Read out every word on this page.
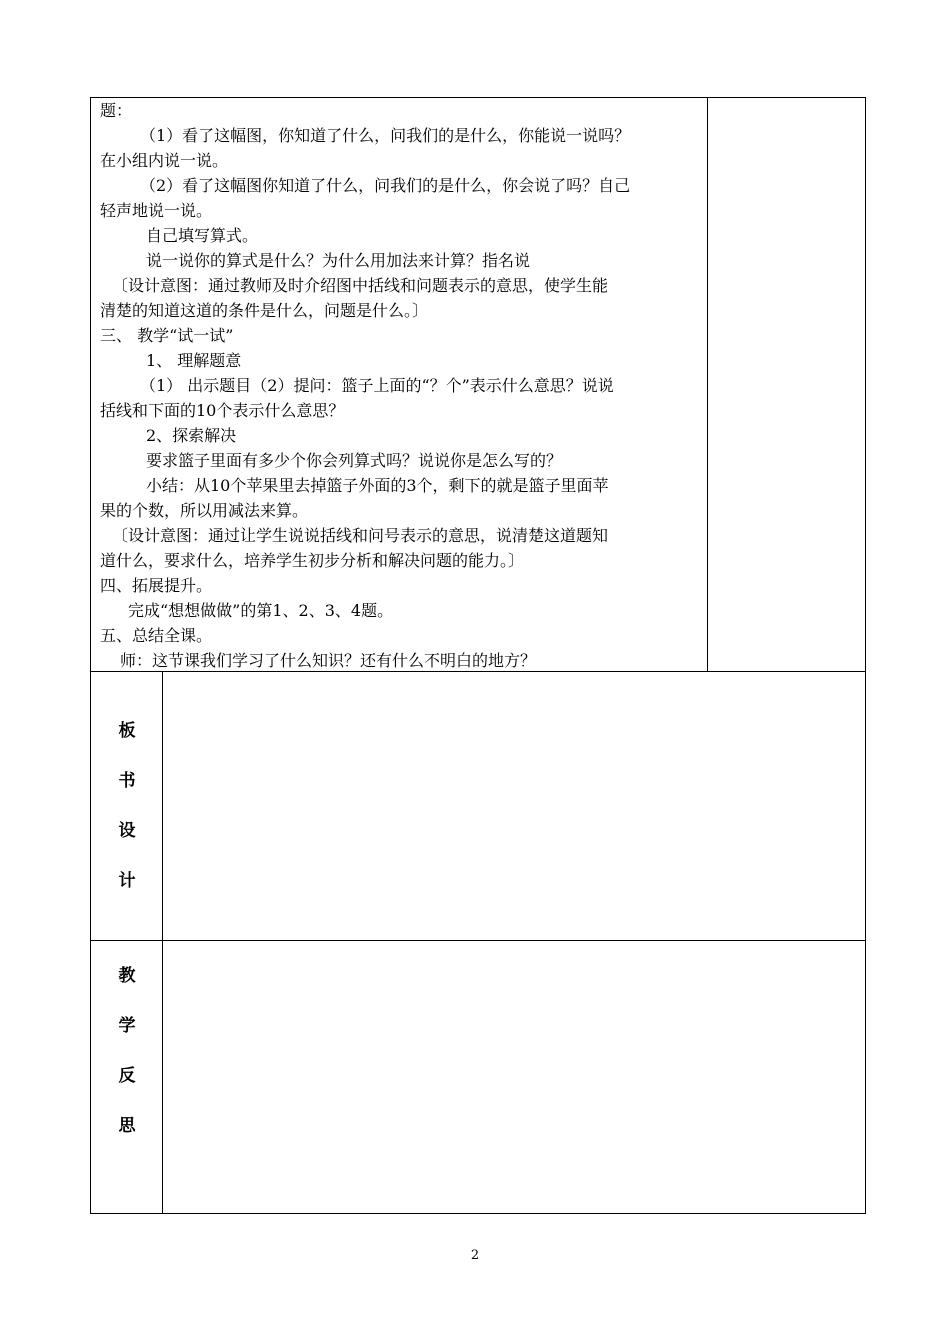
题：
（1）看了这幅图，你知道了什么，问我们的是什么，你能说一说吗？
在小组内说一说。
（2）看了这幅图你知道了什么，问我们的是什么，你会说了吗？自己
轻声地说一说。
自己填写算式。
说一说你的算式是什么？为什么用加法来计算？指名说
〔设计意图：通过教师及时介绍图中括线和问题表示的意思，使学生能
清楚的知道这道的条件是什么，问题是什么。〕
三、 教学“试一试”
1、 理解题意
（1） 出示题目（2）提问：篮子上面的“？个”表示什么意思？说说
括线和下面的10个表示什么意思？
2、探索解决
要求篮子里面有多少个你会列算式吗？说说你是怎么写的？
小结：从10个苹果里去掉篮子外面的3个，剩下的就是篮子里面苹
果的个数，所以用减法来算。
〔设计意图：通过让学生说说括线和问号表示的意思，说清楚这道题知
道什么，要求什么，培养学生初步分析和解决问题的能力。〕
四、拓展提升。
完成“想想做做”的第1、2、3、4题。
五、总结全课。
师：这节课我们学习了什么知识？还有什么不明白的地方？
板
书
设
计
教
学
反
思
2
